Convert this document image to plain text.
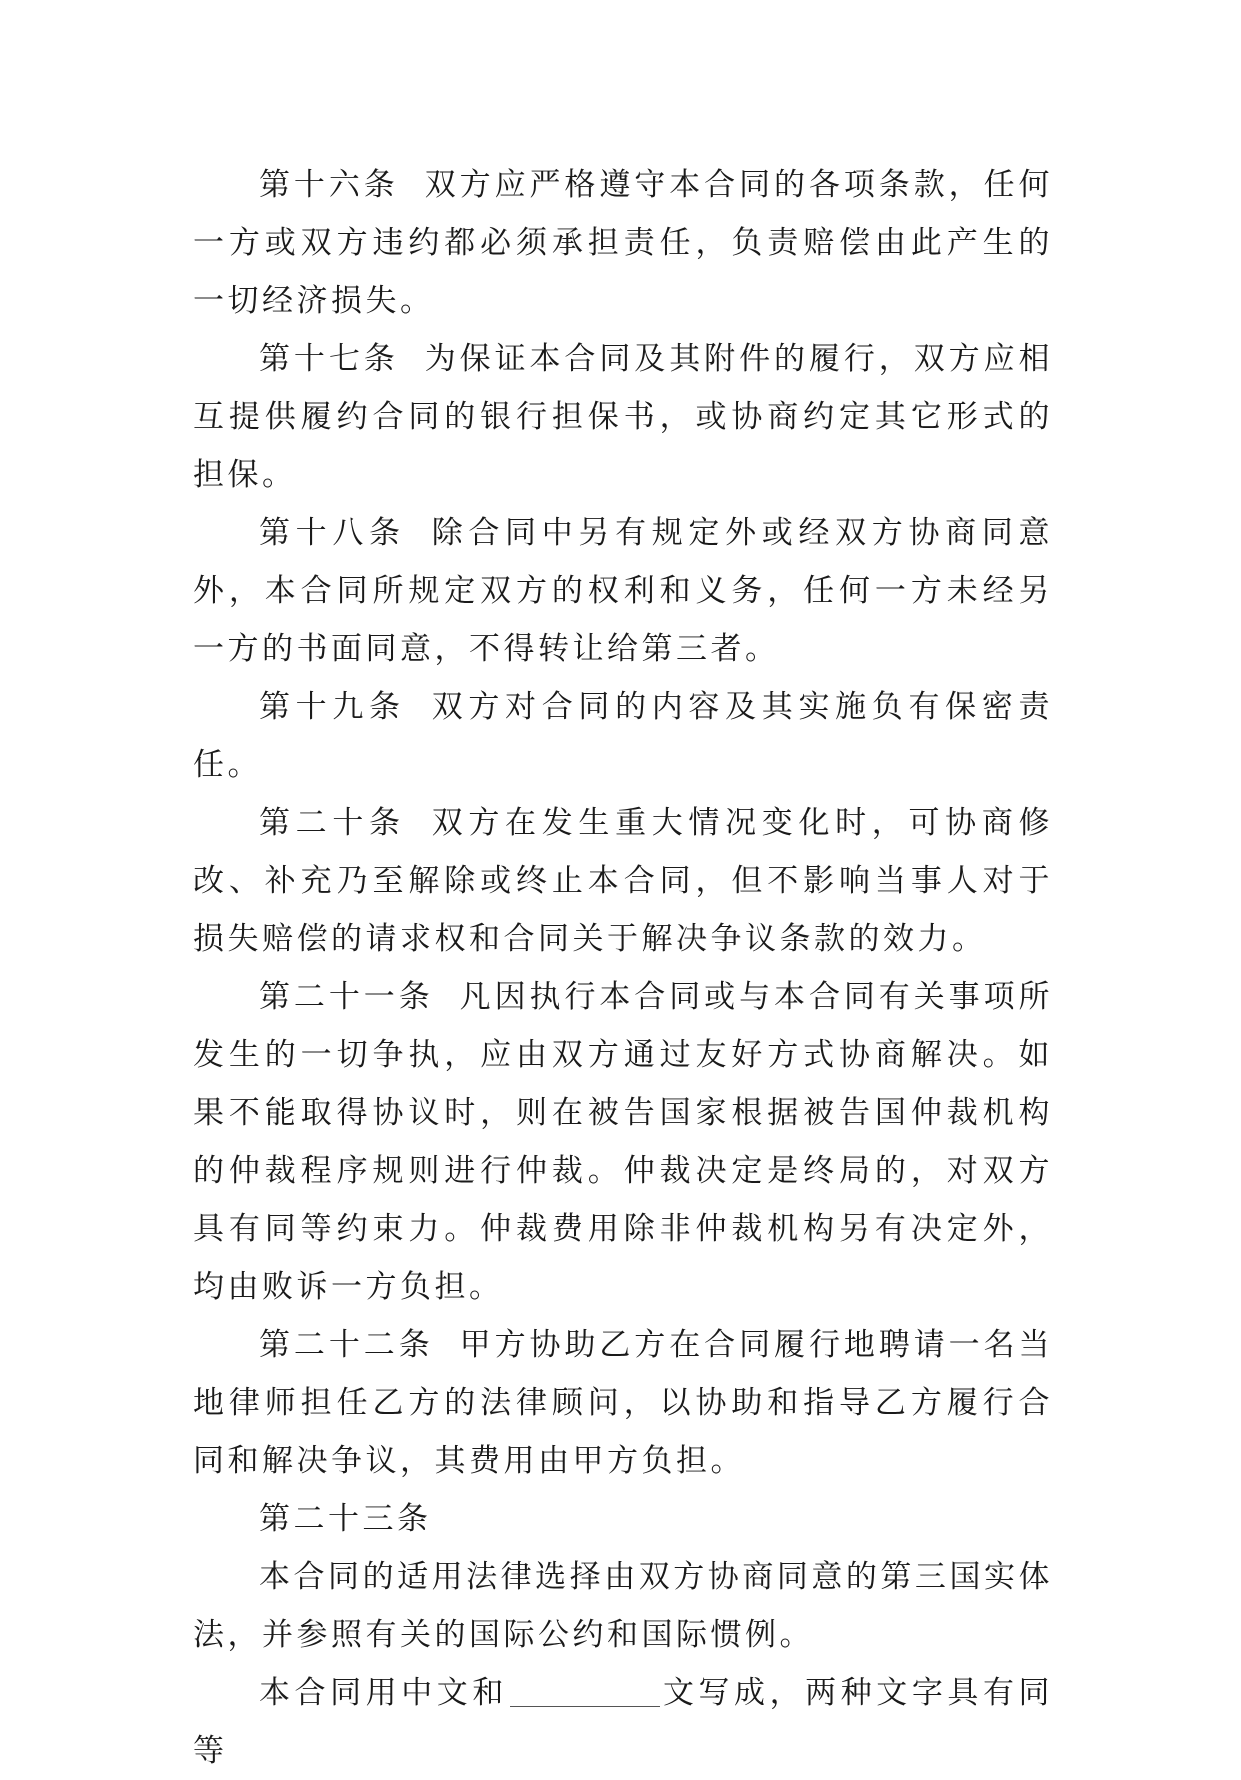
第十六条 双方应严格遵守本合同的各项条款，任何一方或双方违约都必须承担责任，负责赔偿由此产生的一切经济损失。

第十七条 为保证本合同及其附件的履行，双方应相互提供履约合同的银行担保书，或协商约定其它形式的担保。

第十八条 除合同中另有规定外或经双方协商同意外，本合同所规定双方的权利和义务，任何一方未经另一方的书面同意，不得转让给第三者。

第十九条 双方对合同的内容及其实施负有保密责任。

第二十条 双方在发生重大情况变化时，可协商修改、补充乃至解除或终止本合同，但不影响当事人对于损失赔偿的请求权和合同关于解决争议条款的效力。

第二十一条 凡因执行本合同或与本合同有关事项所发生的一切争执，应由双方通过友好方式协商解决。如果不能取得协议时，则在被告国家根据被告国仲裁机构的仲裁程序规则进行仲裁。仲裁决定是终局的，对双方具有同等约束力。仲裁费用除非仲裁机构另有决定外，均由败诉一方负担。

第二十二条 甲方协助乙方在合同履行地聘请一名当地律师担任乙方的法律顾问，以协助和指导乙方履行合同和解决争议，其费用由甲方负担。

第二十三条

本合同的适用法律选择由双方协商同意的第三国实体法，并参照有关的国际公约和国际惯例。

本合同用中文和	文写成，两种文字具有同等
